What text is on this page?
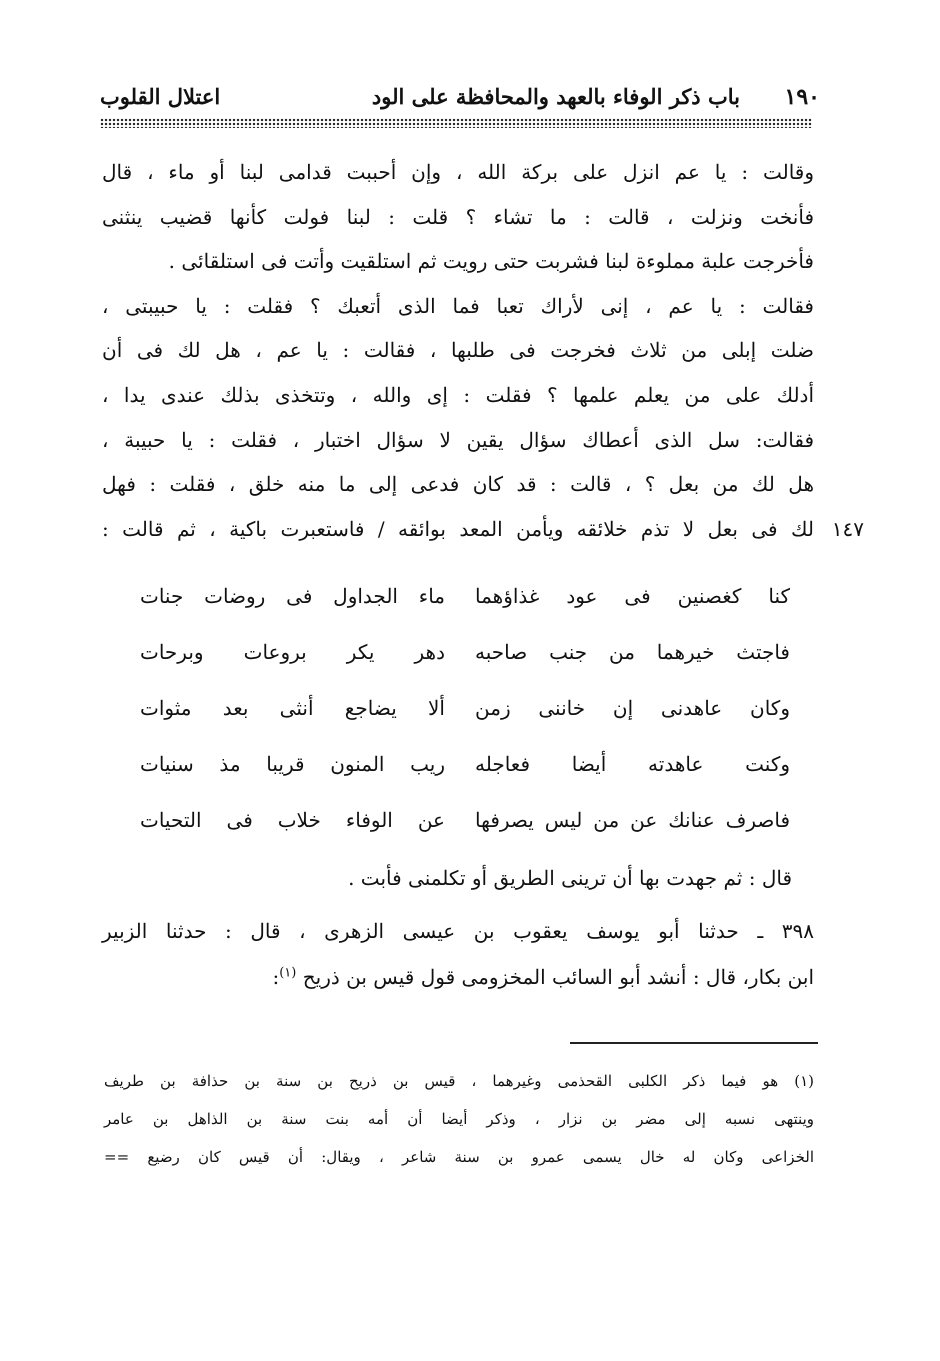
١٩٠
باب ذكر الوفاء بالعهد والمحافظة على الود
اعتلال القلوب
وقالت : يا عم انزل على بركة الله ، وإن أحببت قدامى لبنا أو ماء ، قال
فأنخت ونزلت ، قالت : ما تشاء ؟ قلت : لبنا فولت كأنها قضيب ينثنى
فأخرجت علبة مملوءة لبنا فشربت حتى رويت ثم استلقيت وأتت فى استلقائى .
فقالت : يا عم ، إنى لأراك تعبا فما الذى أتعبك ؟ فقلت : يا حبيبتى ،
ضلت إبلى من ثلاث فخرجت فى طلبها ، فقالت : يا عم ، هل لك فى أن
أدلك على من يعلم علمها ؟ فقلت : إى والله ، وتتخذى بذلك عندى يدا ،
فقالت: سل الذى أعطاك سؤال يقين لا سؤال اختبار ، فقلت : يا حبيبة ،
هل لك من بعل ؟ ، قالت : قد كان فدعى إلى ما منه خلق ، فقلت : فهل
١٤٧
لك فى بعل لا تذم خلائقه ويأمن المعد بوائقه / فاستعبرت باكية ، ثم قالت :
كنا كغصنين فى عود غذاؤهما
ماء الجداول فى روضات جنات
فاجتث خيرهما من جنب صاحبه
دهر يكر بروعات وبرحات
وكان عاهدنى إن خاننى زمن
ألا يضاجع أنثى بعد مثوات
وكنت عاهدته أيضا فعاجله
ريب المنون قريبا مذ سنيات
فاصرف عنانك عن من ليس يصرفها
عن الوفاء خلاب فى التحيات
قال : ثم جهدت بها أن ترينى الطريق أو تكلمنى فأبت .
٣٩٨ ـ حدثنا أبو يوسف يعقوب بن عيسى الزهرى ، قال : حدثنا الزبير
ابن بكار، قال : أنشد أبو السائب المخزومى قول قيس بن ذريح $^{(١)}$:
(١) هو فيما ذكر الكلبى القحذمى وغيرهما ، قيس بن ذريح بن سنة بن حذافة بن طريف
وينتهى نسبه إلى مضر بن نزار ، وذكر أيضا أن أمه بنت سنة بن الذاهل بن عامر
الخزاعى وكان له خال يسمى عمرو بن سنة شاعر ، ويقال: أن قيس كان رضيع ==
